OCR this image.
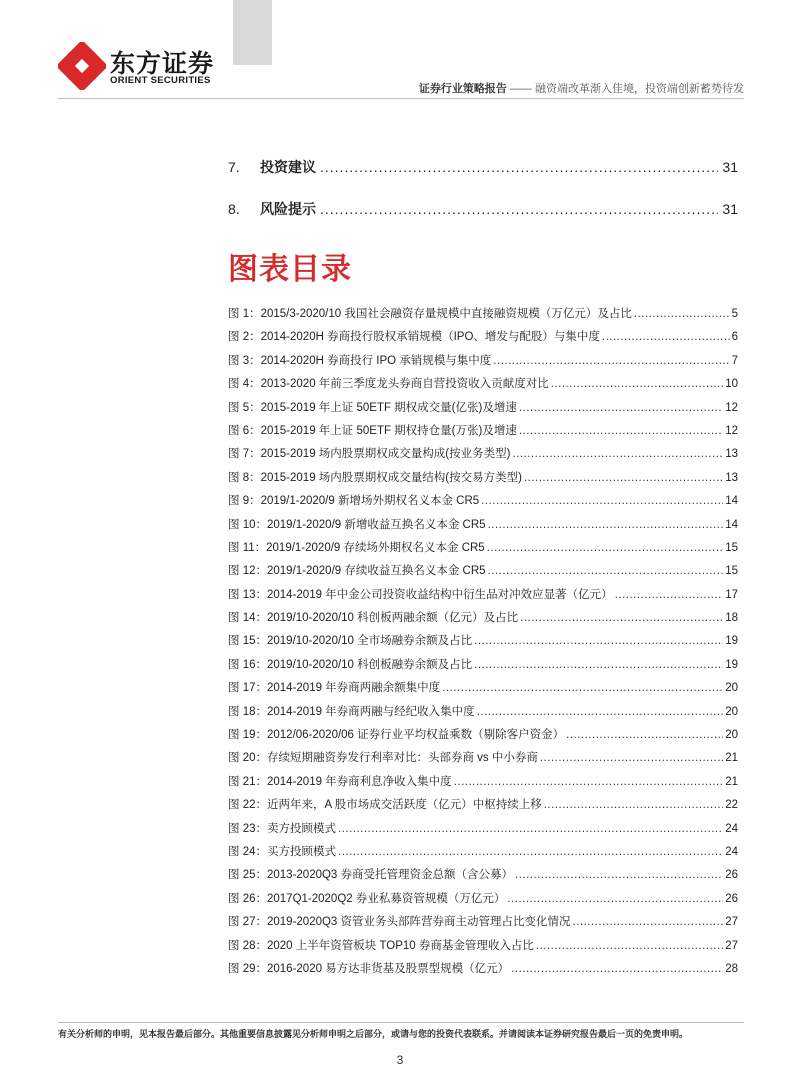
东方证券
ORIENT SECURITIES
证券行业策略报告 —— 融资端改革渐入佳境，投资端创新蓄势待发
7.	投资建议 .....	31
8.	风险提示 .....	31
图表目录
图 1：2015/3-2020/10 我国社会融资存量规模中直接融资规模（万亿元）及占比 .....	5
图 2：2014-2020H 券商投行股权承销规模（IPO、增发与配股）与集中度 .....	6
图 3：2014-2020H 券商投行 IPO 承销规模与集中度 .....	7
图 4：2013-2020 年前三季度龙头券商自营投资收入贡献度对比 .....	10
图 5：2015-2019 年上证 50ETF 期权成交量(亿张)及增速 .....	12
图 6：2015-2019 年上证 50ETF 期权持仓量(万张)及增速 .....	12
图 7：2015-2019 场内股票期权成交量构成(按业务类型) .....	13
图 8：2015-2019 场内股票期权成交量结构(按交易方类型) .....	13
图 9：2019/1-2020/9 新增场外期权名义本金 CR5 .....	14
图 10：2019/1-2020/9 新增收益互换名义本金 CR5 .....	14
图 11：2019/1-2020/9 存续场外期权名义本金 CR5 .....	15
图 12：2019/1-2020/9 存续收益互换名义本金 CR5 .....	15
图 13：2014-2019 年中金公司投资收益结构中衍生品对冲效应显著（亿元） .....	17
图 14：2019/10-2020/10 科创板两融余额（亿元）及占比 .....	18
图 15：2019/10-2020/10 全市场融券余额及占比 .....	19
图 16：2019/10-2020/10 科创板融券余额及占比 .....	19
图 17：2014-2019 年券商两融余额集中度 .....	20
图 18：2014-2019 年券商两融与经纪收入集中度 .....	20
图 19：2012/06-2020/06 证券行业平均权益乘数（剔除客户资金） .....	20
图 20：存续短期融资券发行利率对比：头部券商 vs 中小券商 .....	21
图 21：2014-2019 年券商利息净收入集中度 .....	21
图 22：近两年来，A 股市场成交活跃度（亿元）中枢持续上移 .....	22
图 23：卖方投顾模式 .....	24
图 24：买方投顾模式 .....	24
图 25：2013-2020Q3 券商受托管理资金总额（含公募） .....	26
图 26：2017Q1-2020Q2 券业私募资管规模（万亿元） .....	26
图 27：2019-2020Q3 资管业务头部阵营券商主动管理占比变化情况 .....	27
图 28：2020 上半年资管板块 TOP10 券商基金管理收入占比 .....	27
图 29：2016-2020 易方达非货基及股票型规模（亿元） .....	28
有关分析师的申明，见本报告最后部分。其他重要信息披露见分析师申明之后部分，或请与您的投资代表联系。并请阅读本证券研究报告最后一页的免责申明。
3
